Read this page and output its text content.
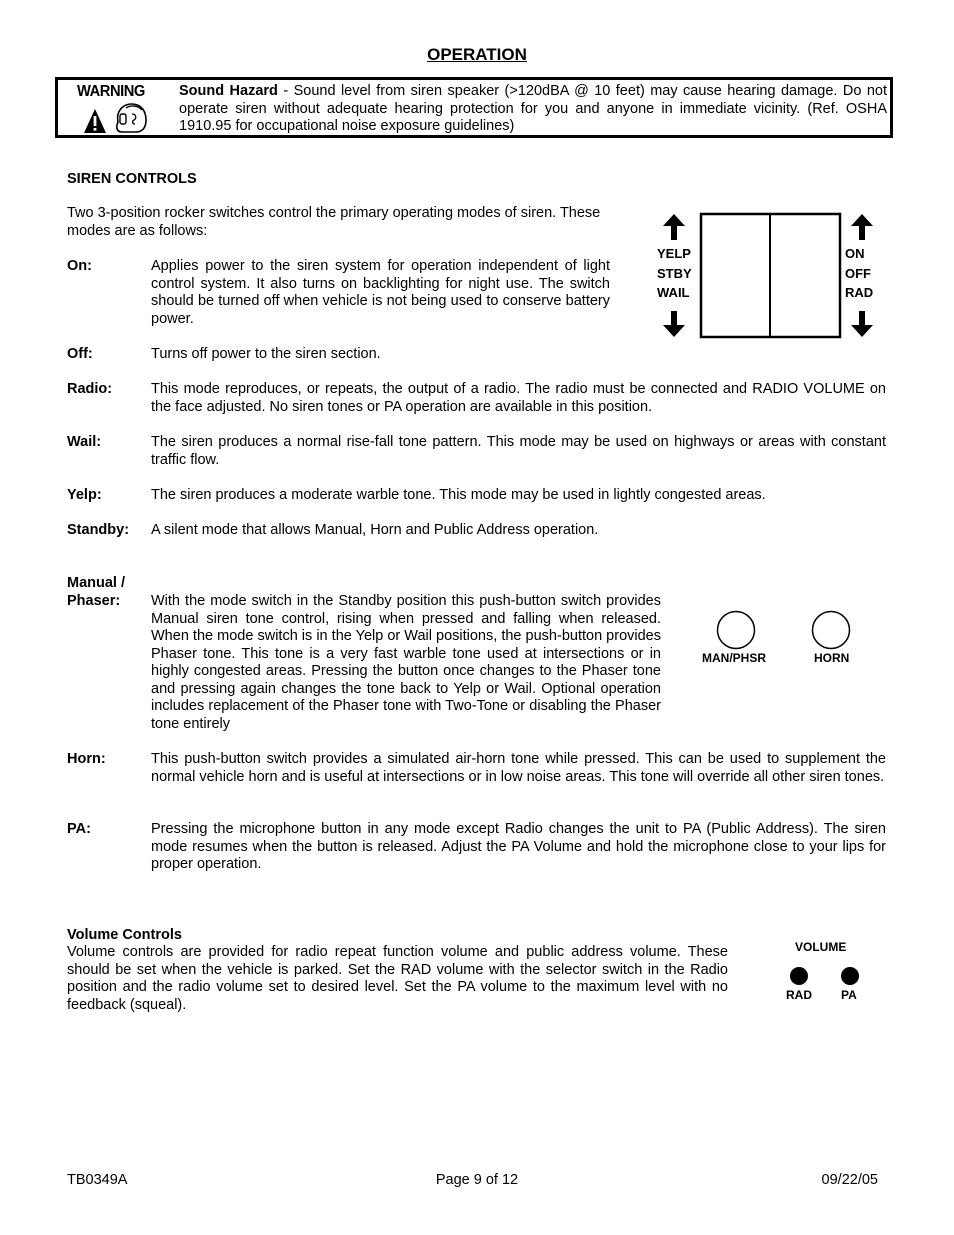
OPERATION
WARNING Sound Hazard - Sound level from siren speaker (>120dBA @ 10 feet) may cause hearing damage. Do not operate siren without adequate hearing protection for you and anyone in immediate vicinity. (Ref. OSHA 1910.95 for occupational noise exposure guidelines)
SIREN CONTROLS
Two 3-position rocker switches control the primary operating modes of siren. These modes are as follows:
YELP
STBY
WAIL
ON
OFF
RAD
On:	Applies power to the siren system for operation independent of light control system. It also turns on backlighting for night use. The switch should be turned off when vehicle is not being used to conserve battery power.
Off:	Turns off power to the siren section.
Radio:	This mode reproduces, or repeats, the output of a radio. The radio must be connected and RADIO VOLUME on the face adjusted. No siren tones or PA operation are available in this position.
Wail:	The siren produces a normal rise-fall tone pattern. This mode may be used on highways or areas with constant traffic flow.
Yelp:	The siren produces a moderate warble tone. This mode may be used in lightly congested areas.
Standby: A silent mode that allows Manual, Horn and Public Address operation.
Manual /
Phaser:	With the mode switch in the Standby position this push-button switch provides Manual siren tone control, rising when pressed and falling when released. When the mode switch is in the Yelp or Wail positions, the push-button provides Phaser tone. This tone is a very fast warble tone used at intersections or in highly congested areas. Pressing the button once changes to the Phaser tone and pressing again changes the tone back to Yelp or Wail. Optional operation includes replacement of the Phaser tone with Two-Tone or disabling the Phaser tone entirely
MAN/PHSR	HORN
Horn:	This push-button switch provides a simulated air-horn tone while pressed. This can be used to supplement the normal vehicle horn and is useful at intersections or in low noise areas. This tone will override all other siren tones.
PA:	Pressing the microphone button in any mode except Radio changes the unit to PA (Public Address). The siren mode resumes when the button is released. Adjust the PA Volume and hold the microphone close to your lips for proper operation.
Volume Controls
Volume controls are provided for radio repeat function volume and public address volume. These should be set when the vehicle is parked. Set the RAD volume with the selector switch in the Radio position and the radio volume set to desired level. Set the PA volume to the maximum level with no feedback (squeal).
VOLUME
RAD PA
TB0349A	Page 9 of 12	09/22/05
